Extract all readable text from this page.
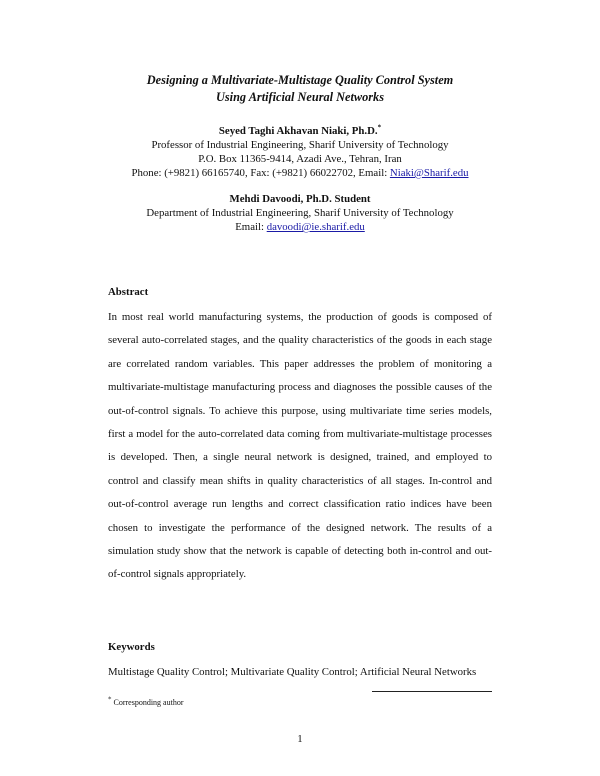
Designing a Multivariate-Multistage Quality Control System
Using Artificial Neural Networks
Seyed Taghi Akhavan Niaki, Ph.D.*
Professor of Industrial Engineering, Sharif University of Technology
P.O. Box 11365-9414, Azadi Ave., Tehran, Iran
Phone: (+9821) 66165740, Fax: (+9821) 66022702, Email: Niaki@Sharif.edu
Mehdi Davoodi, Ph.D. Student
Department of Industrial Engineering, Sharif University of Technology
Email: davoodi@ie.sharif.edu
Abstract
In most real world manufacturing systems, the production of goods is composed of several auto-correlated stages, and the quality characteristics of the goods in each stage are correlated random variables. This paper addresses the problem of monitoring a multivariate-multistage manufacturing process and diagnoses the possible causes of the out-of-control signals. To achieve this purpose, using multivariate time series models, first a model for the auto-correlated data coming from multivariate-multistage processes is developed. Then, a single neural network is designed, trained, and employed to control and classify mean shifts in quality characteristics of all stages. In-control and out-of-control average run lengths and correct classification ratio indices have been chosen to investigate the performance of the designed network. The results of a simulation study show that the network is capable of detecting both in-control and out-of-control signals appropriately.
Keywords
Multistage Quality Control; Multivariate Quality Control; Artificial Neural Networks
* Corresponding author
1
